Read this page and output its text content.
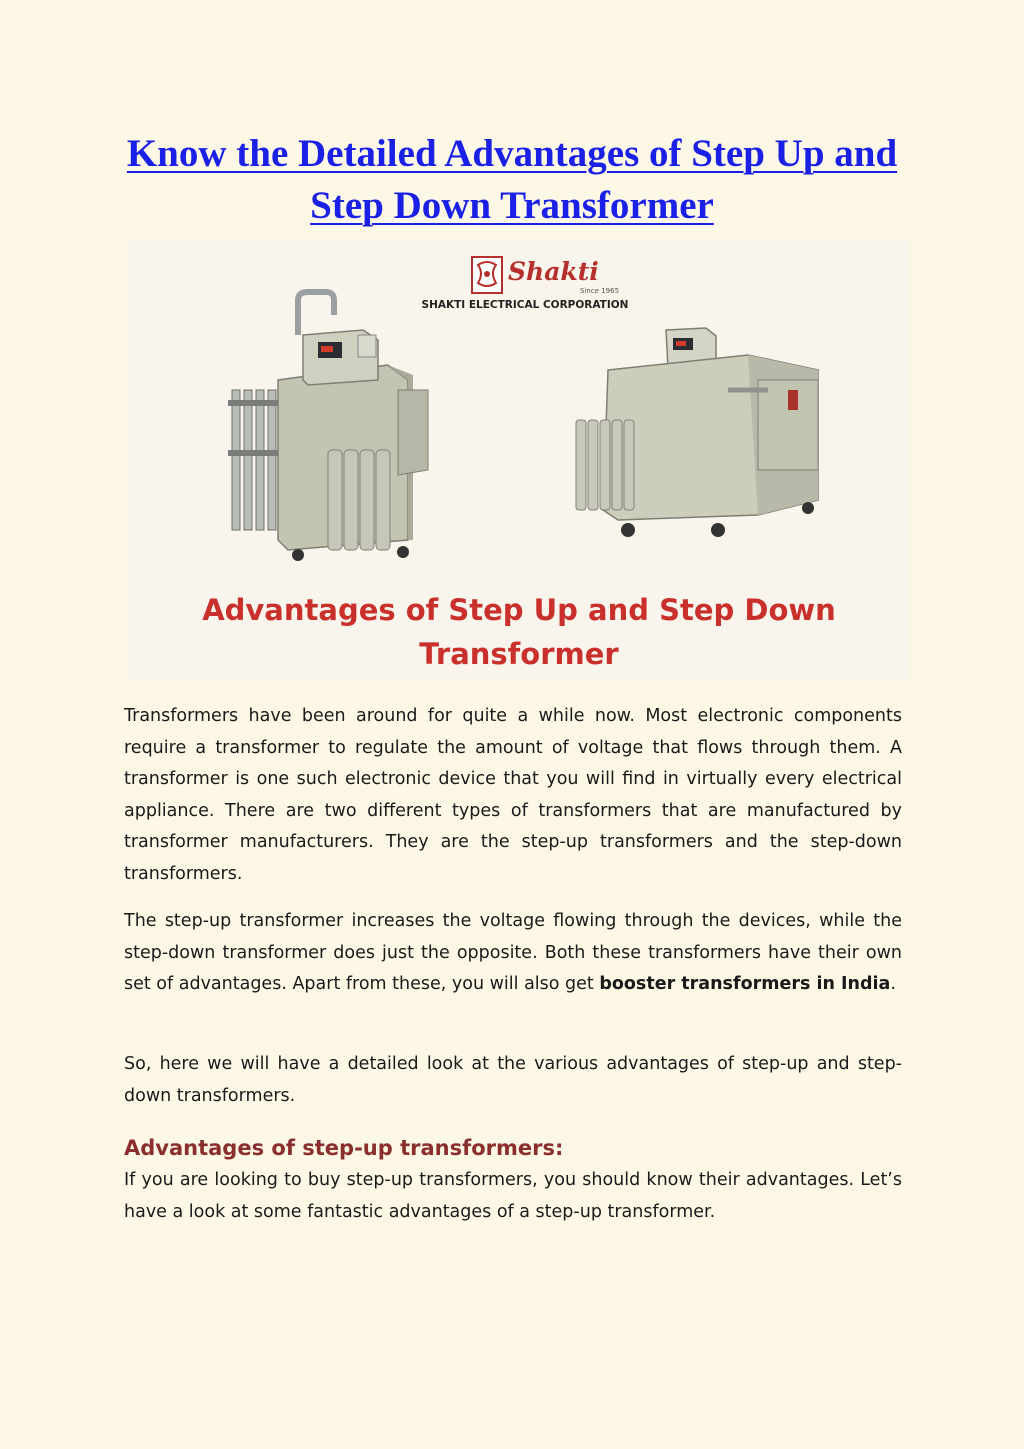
Know the Detailed Advantages of Step Up and Step Down Transformer
Shakti
Since 1965
SHAKTI ELECTRICAL CORPORATION
Advantages of Step Up and Step Down
Transformer

Transformers have been around for quite a while now. Most electronic components require a transformer to regulate the amount of voltage that flows through them. A transformer is one such electronic device that you will find in virtually every electrical appliance. There are two different types of transformers that are manufactured by transformer manufacturers. They are the step-up transformers and the step-down transformers.

The step-up transformer increases the voltage flowing through the devices, while the step-down transformer does just the opposite. Both these transformers have their own set of advantages. Apart from these, you will also get booster transformers in India.

So, here we will have a detailed look at the various advantages of step-up and step-down transformers.

Advantages of step-up transformers:

If you are looking to buy step-up transformers, you should know their advantages. Let’s have a look at some fantastic advantages of a step-up transformer.
